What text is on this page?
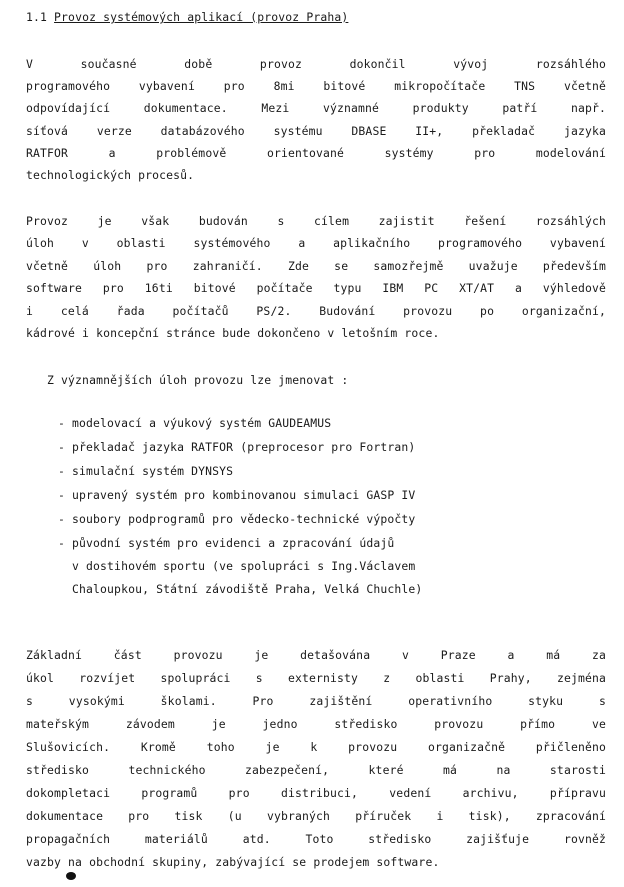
1.1 Provoz systémových aplikací (provoz Praha)
V současné době provoz dokončil vývoj rozsáhlého
programového vybavení pro 8mi bitové mikropočítače TNS včetně
odpovídající dokumentace. Mezi významné produkty patří např.
síťová verze databázového systému DBASE II+, překladač jazyka
RATFOR a problémově orientované systémy pro modelování
technologických procesů.
Provoz je však budován s cílem zajistit řešení rozsáhlých
úloh v oblasti systémového a aplikačního programového vybavení
včetně úloh pro zahraničí. Zde se samozřejmě uvažuje především
software pro 16ti bitové počítače typu IBM PC XT/AT a výhledově
i celá řada počítačů PS/2. Budování provozu po organizační,
kádrové i koncepční stránce bude dokončeno v letošním roce.
Z významnějších úloh provozu lze jmenovat :
- modelovací a výukový systém GAUDEAMUS
- překladač jazyka RATFOR (preprocesor pro Fortran)
- simulační systém DYNSYS
- upravený systém pro kombinovanou simulaci GASP IV
- soubory podprogramů pro vědecko-technické výpočty
- původní systém pro evidenci a zpracování údajů
v dostihovém sportu (ve spolupráci s Ing.Václavem
Chaloupkou, Státní závodiště Praha, Velká Chuchle)
Základní část provozu je detašována v Praze a má za
úkol rozvíjet spolupráci s externisty z oblasti Prahy, zejména
s vysokými školami. Pro zajištění operativního styku s
mateřským závodem je jedno středisko provozu přímo ve
Slušovicích. Kromě toho je k provozu organizačně přičleněno
středisko technického zabezpečení, které má na starosti
dokompletaci programů pro distribuci, vedení archivu, přípravu
dokumentace pro tisk (u vybraných příruček i tisk), zpracování
propagačních materiálů atd. Toto středisko zajišťuje rovněž
vazby na obchodní skupiny, zabývající se prodejem software.
